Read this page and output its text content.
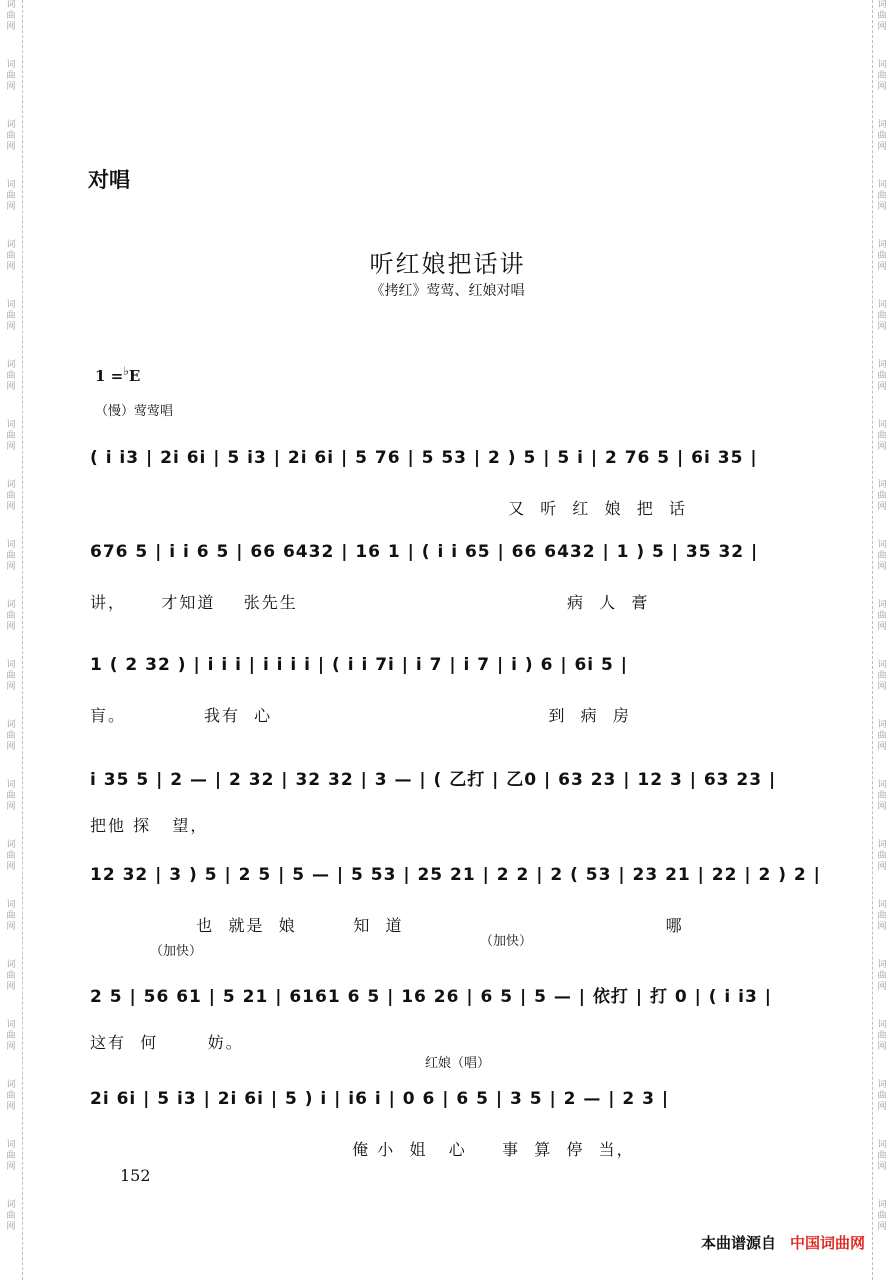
词
曲
网
词
曲
网
词
曲
网
词
曲
网
词
曲
网
词
曲
网
词
曲
网
词
曲
网
词
曲
网
词
曲
网
词
曲
网
词
曲
网
词
曲
网
词
曲
网
词
曲
网
词
曲
网
词
曲
网
词
曲
网
词
曲
网
词
曲
网
词
曲
网
词
曲
网
词
曲
网
词
曲
网
词
曲
网
词
曲
网
词
曲
网
词
曲
网
词
曲
网
词
曲
网
词
曲
网
词
曲
网
词
曲
网
词
曲
网
词
曲
网
词
曲
网
词
曲
网
词
曲
网
词
曲
网
词
曲
网
词
曲
网
词
曲
网
对唱
听红娘把话讲
《拷红》莺莺、红娘对唱
1 =♭E
（慢）莺莺唱
（加快）
（加快）
红娘（唱）
( i i3 | 2i 6i | 5 i3 | 2i 6i | 5 76 | 5 53 | 2 ) 5 | 5 i | 2 76 5 | 6i 35 |
又  听  红  娘  把  话
676 5 | i i 6 5 | 66 6432 | 16 1 | ( i i 65 | 66 6432 | 1 ) 5 | 35 32 |
讲，     才知道    张先生                                      病  人  膏
1 ( 2 32 ) | i i i | i i i i | ( i i 7i | i 7 | i 7 | i ) 6 | 6i 5 |
肓。           我有  心                                       到  病  房
i 35 5 | 2 — | 2 32 | 32 32 | 3 — | ( 乙打 | 乙0 | 63 23 | 12 3 | 63 23 |
把他 探   望，
12 32 | 3 ) 5 | 2 5 | 5 — | 5 53 | 25 21 | 2 2 | 2 ( 53 | 23 21 | 22 | 2 ) 2 |
也  就是  娘        知  道                                     哪
2 5 | 56 61 | 5 21 | 6161 6 5 | 16 26 | 6 5 | 5 — | 依打 | 打 0 | ( i i3 |
这有  何       妨。
2i 6i | 5 i3 | 2i 6i | 5 ) i | i6 i | 0 6 | 6 5 | 3 5 | 2 — | 2 3 |
俺 小  姐   心     事  算  停  当，
152
本曲谱源自 中国词曲网
